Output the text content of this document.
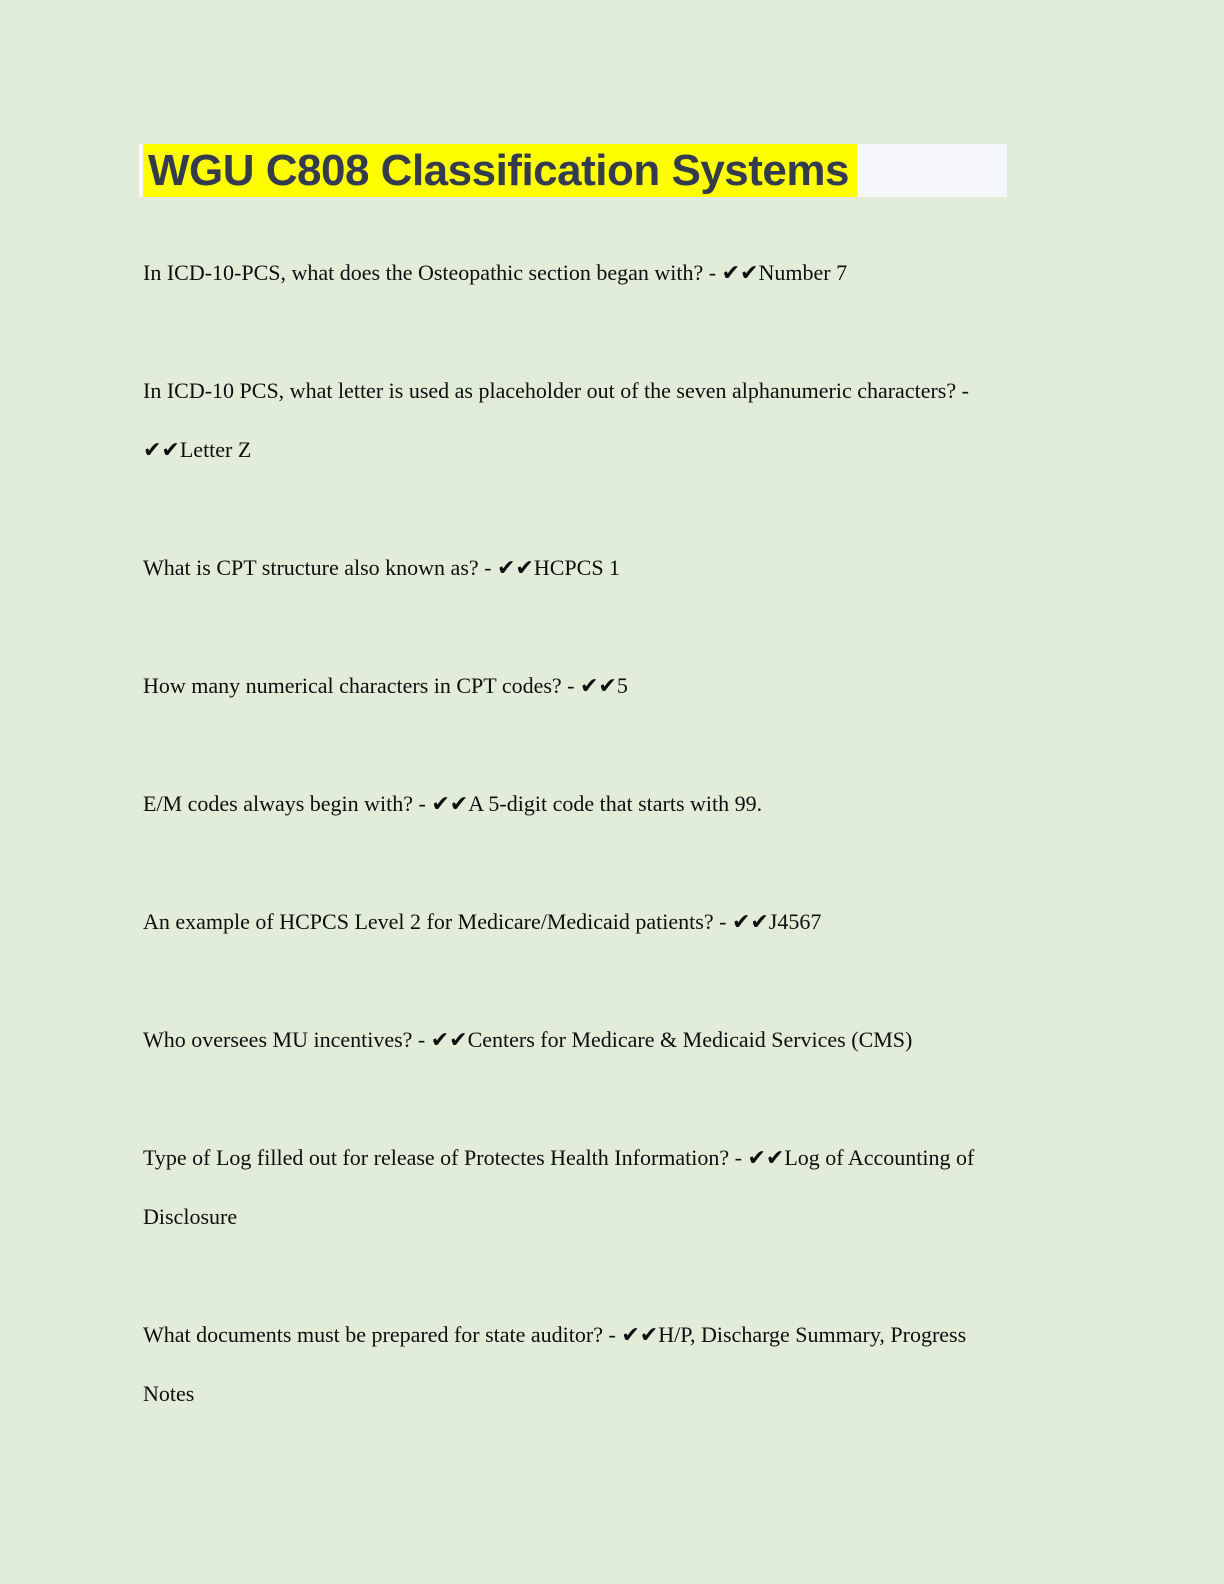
WGU C808 Classification Systems

In ICD-10-PCS, what does the Osteopathic section began with? - ✔✔Number 7

In ICD-10 PCS, what letter is used as placeholder out of the seven alphanumeric characters? -
✔✔Letter Z

What is CPT structure also known as? - ✔✔HCPCS 1

How many numerical characters in CPT codes? - ✔✔5

E/M codes always begin with? - ✔✔A 5-digit code that starts with 99.

An example of HCPCS Level 2 for Medicare/Medicaid patients? - ✔✔J4567

Who oversees MU incentives? - ✔✔Centers for Medicare & Medicaid Services (CMS)

Type of Log filled out for release of Protectes Health Information? - ✔✔Log of Accounting of
Disclosure

What documents must be prepared for state auditor? - ✔✔H/P, Discharge Summary, Progress
Notes
